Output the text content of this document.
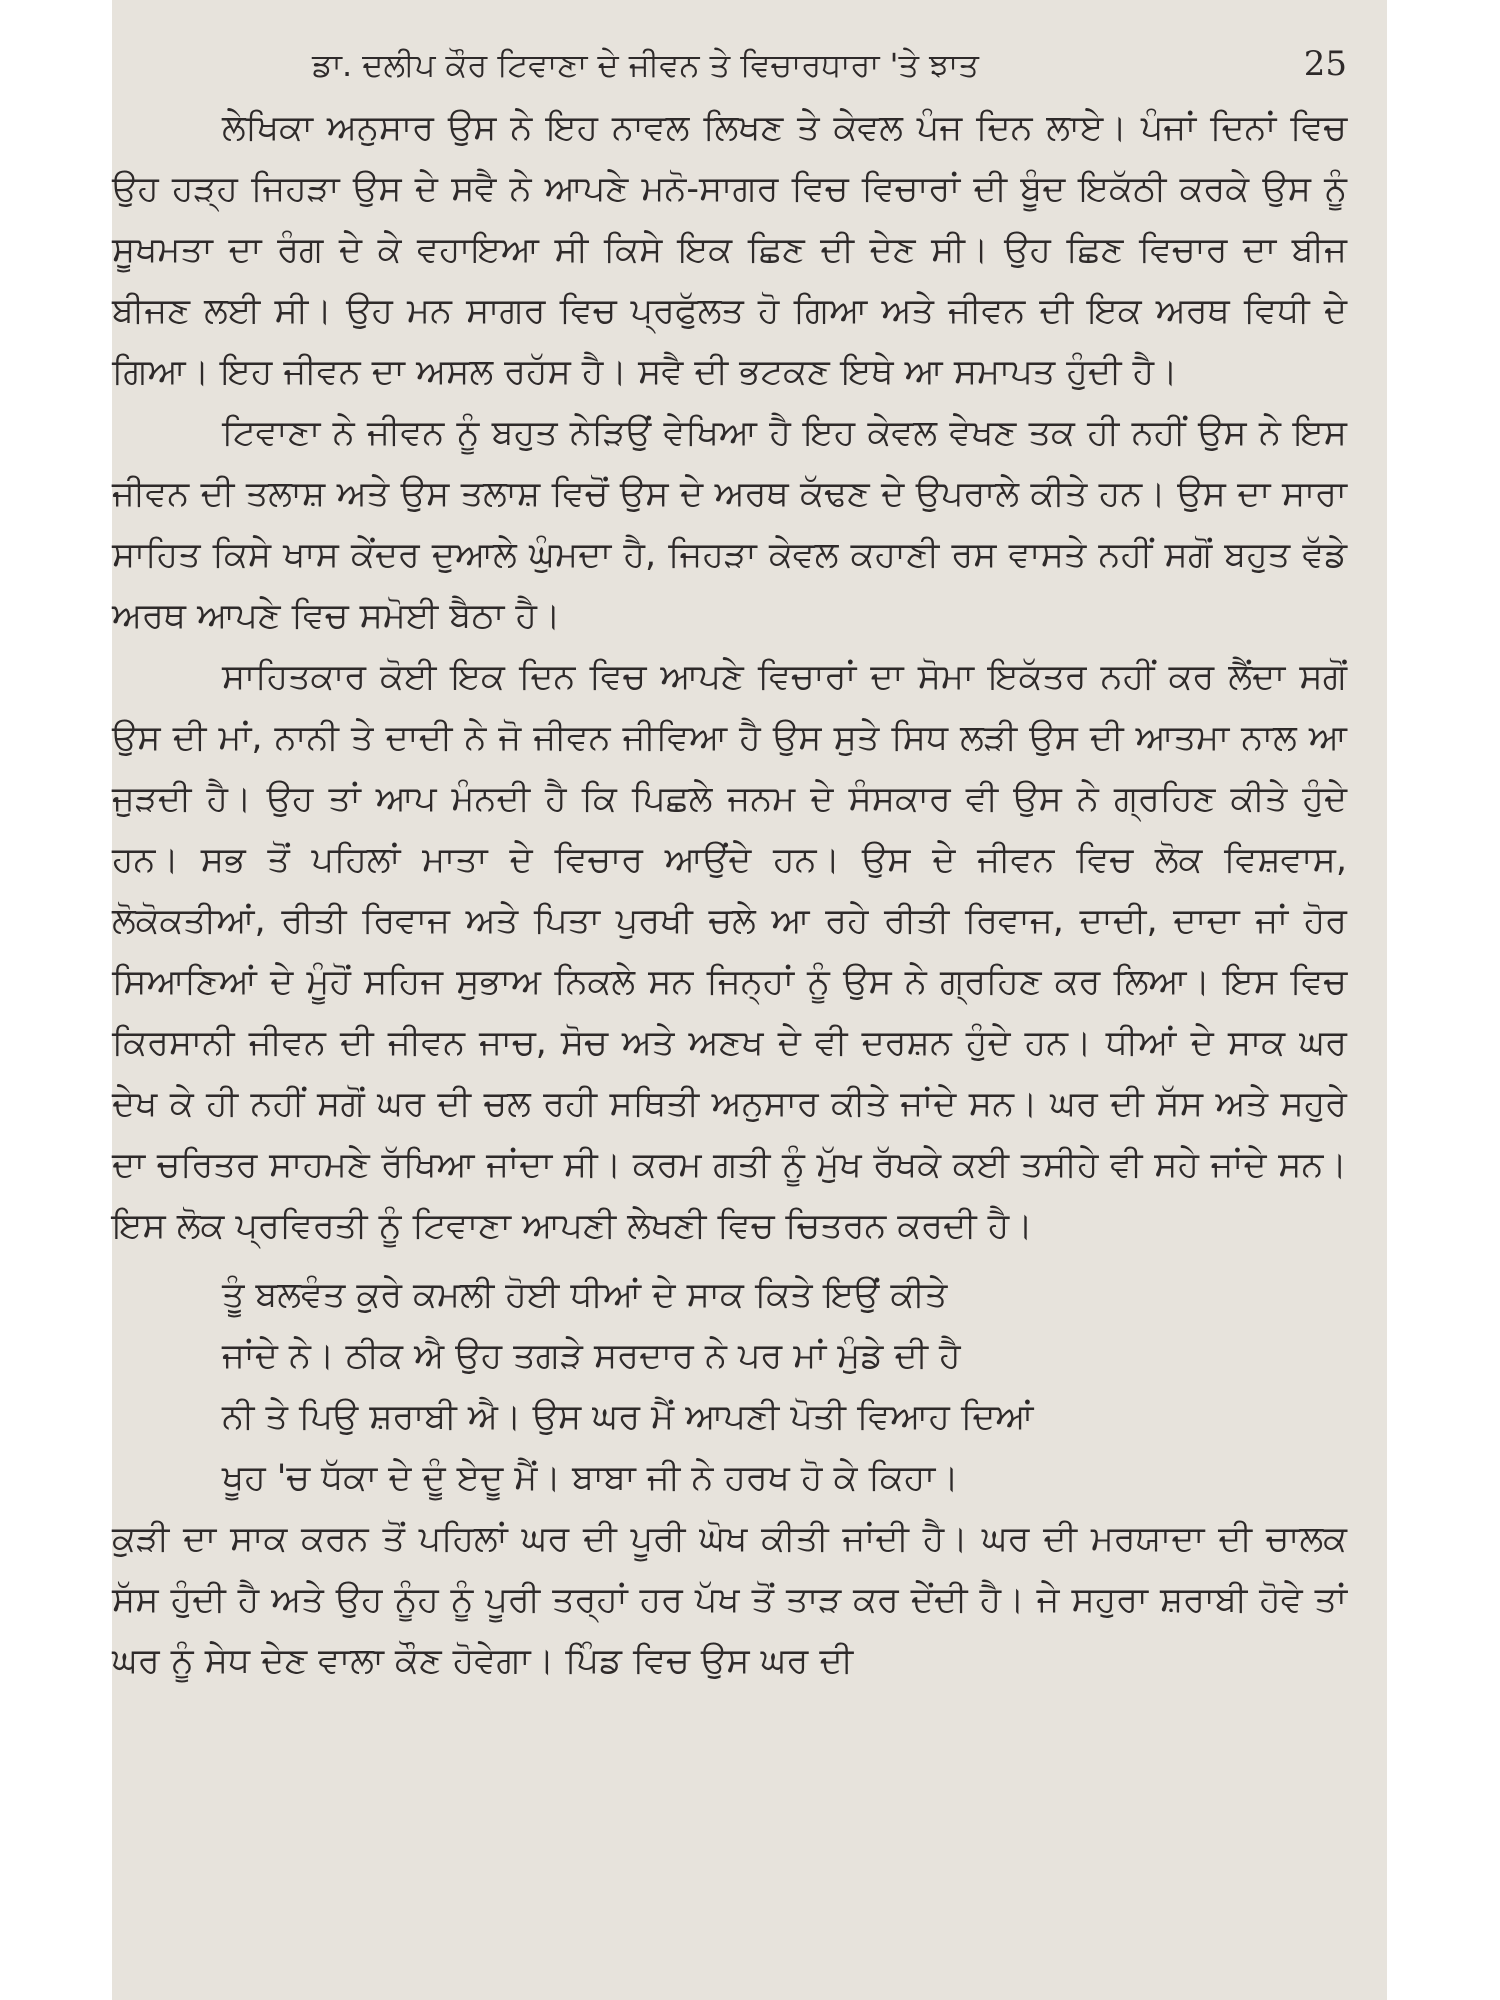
ਡਾ. ਦਲੀਪ ਕੌਰ ਟਿਵਾਣਾ ਦੇ ਜੀਵਨ ਤੇ ਵਿਚਾਰਧਾਰਾ 'ਤੇ ਝਾਤ	25

ਲੇਖਿਕਾ ਅਨੁਸਾਰ ਉਸ ਨੇ ਇਹ ਨਾਵਲ ਲਿਖਣ ਤੇ ਕੇਵਲ ਪੰਜ ਦਿਨ ਲਾਏ। ਪੰਜਾਂ ਦਿਨਾਂ ਵਿਚ ਉਹ ਹੜ੍ਹ ਜਿਹੜਾ ਉਸ ਦੇ ਸਵੈ ਨੇ ਆਪਣੇ ਮਨੋ-ਸਾਗਰ ਵਿਚ ਵਿਚਾਰਾਂ ਦੀ ਬੂੰਦ ਇਕੱਠੀ ਕਰਕੇ ਉਸ ਨੂੰ ਸੂਖਮਤਾ ਦਾ ਰੰਗ ਦੇ ਕੇ ਵਹਾਇਆ ਸੀ ਕਿਸੇ ਇਕ ਛਿਣ ਦੀ ਦੇਣ ਸੀ। ਉਹ ਛਿਣ ਵਿਚਾਰ ਦਾ ਬੀਜ ਬੀਜਣ ਲਈ ਸੀ। ਉਹ ਮਨ ਸਾਗਰ ਵਿਚ ਪ੍ਰਫੁੱਲਤ ਹੋ ਗਿਆ ਅਤੇ ਜੀਵਨ ਦੀ ਇਕ ਅਰਥ ਵਿਧੀ ਦੇ ਗਿਆ। ਇਹ ਜੀਵਨ ਦਾ ਅਸਲ ਰਹੱਸ ਹੈ। ਸਵੈ ਦੀ ਭਟਕਣ ਇਥੇ ਆ ਸਮਾਪਤ ਹੁੰਦੀ ਹੈ।

ਟਿਵਾਣਾ ਨੇ ਜੀਵਨ ਨੂੰ ਬਹੁਤ ਨੇੜਿਉਂ ਵੇਖਿਆ ਹੈ ਇਹ ਕੇਵਲ ਵੇਖਣ ਤਕ ਹੀ ਨਹੀਂ ਉਸ ਨੇ ਇਸ ਜੀਵਨ ਦੀ ਤਲਾਸ਼ ਅਤੇ ਉਸ ਤਲਾਸ਼ ਵਿਚੋਂ ਉਸ ਦੇ ਅਰਥ ਕੱਢਣ ਦੇ ਉਪਰਾਲੇ ਕੀਤੇ ਹਨ। ਉਸ ਦਾ ਸਾਰਾ ਸਾਹਿਤ ਕਿਸੇ ਖਾਸ ਕੇਂਦਰ ਦੁਆਲੇ ਘੁੰਮਦਾ ਹੈ, ਜਿਹੜਾ ਕੇਵਲ ਕਹਾਣੀ ਰਸ ਵਾਸਤੇ ਨਹੀਂ ਸਗੋਂ ਬਹੁਤ ਵੱਡੇ ਅਰਥ ਆਪਣੇ ਵਿਚ ਸਮੋਈ ਬੈਠਾ ਹੈ।

ਸਾਹਿਤਕਾਰ ਕੋਈ ਇਕ ਦਿਨ ਵਿਚ ਆਪਣੇ ਵਿਚਾਰਾਂ ਦਾ ਸੋਮਾ ਇਕੱਤਰ ਨਹੀਂ ਕਰ ਲੈਂਦਾ ਸਗੋਂ ਉਸ ਦੀ ਮਾਂ, ਨਾਨੀ ਤੇ ਦਾਦੀ ਨੇ ਜੋ ਜੀਵਨ ਜੀਵਿਆ ਹੈ ਉਸ ਸੁਤੇ ਸਿਧ ਲੜੀ ਉਸ ਦੀ ਆਤਮਾ ਨਾਲ ਆ ਜੁੜਦੀ ਹੈ। ਉਹ ਤਾਂ ਆਪ ਮੰਨਦੀ ਹੈ ਕਿ ਪਿਛਲੇ ਜਨਮ ਦੇ ਸੰਸਕਾਰ ਵੀ ਉਸ ਨੇ ਗ੍ਰਹਿਣ ਕੀਤੇ ਹੁੰਦੇ ਹਨ। ਸਭ ਤੋਂ ਪਹਿਲਾਂ ਮਾਤਾ ਦੇ ਵਿਚਾਰ ਆਉਂਦੇ ਹਨ। ਉਸ ਦੇ ਜੀਵਨ ਵਿਚ ਲੋਕ ਵਿਸ਼ਵਾਸ, ਲੋਕੋਕਤੀਆਂ, ਰੀਤੀ ਰਿਵਾਜ ਅਤੇ ਪਿਤਾ ਪੁਰਖੀ ਚਲੇ ਆ ਰਹੇ ਰੀਤੀ ਰਿਵਾਜ, ਦਾਦੀ, ਦਾਦਾ ਜਾਂ ਹੋਰ ਸਿਆਣਿਆਂ ਦੇ ਮੂੰਹੋਂ ਸਹਿਜ ਸੁਭਾਅ ਨਿਕਲੇ ਸਨ ਜਿਨ੍ਹਾਂ ਨੂੰ ਉਸ ਨੇ ਗ੍ਰਹਿਣ ਕਰ ਲਿਆ। ਇਸ ਵਿਚ ਕਿਰਸਾਨੀ ਜੀਵਨ ਦੀ ਜੀਵਨ ਜਾਚ, ਸੋਚ ਅਤੇ ਅਣਖ ਦੇ ਵੀ ਦਰਸ਼ਨ ਹੁੰਦੇ ਹਨ। ਧੀਆਂ ਦੇ ਸਾਕ ਘਰ ਦੇਖ ਕੇ ਹੀ ਨਹੀਂ ਸਗੋਂ ਘਰ ਦੀ ਚਲ ਰਹੀ ਸਥਿਤੀ ਅਨੁਸਾਰ ਕੀਤੇ ਜਾਂਦੇ ਸਨ। ਘਰ ਦੀ ਸੱਸ ਅਤੇ ਸਹੁਰੇ ਦਾ ਚਰਿਤਰ ਸਾਹਮਣੇ ਰੱਖਿਆ ਜਾਂਦਾ ਸੀ। ਕਰਮ ਗਤੀ ਨੂੰ ਮੁੱਖ ਰੱਖਕੇ ਕਈ ਤਸੀਹੇ ਵੀ ਸਹੇ ਜਾਂਦੇ ਸਨ। ਇਸ ਲੋਕ ਪ੍ਰਵਿਰਤੀ ਨੂੰ ਟਿਵਾਣਾ ਆਪਣੀ ਲੇਖਣੀ ਵਿਚ ਚਿਤਰਨ ਕਰਦੀ ਹੈ।

ਤੂੰ ਬਲਵੰਤ ਕੁਰੇ ਕਮਲੀ ਹੋਈ ਧੀਆਂ ਦੇ ਸਾਕ ਕਿਤੇ ਇਉਂ ਕੀਤੇ
ਜਾਂਦੇ ਨੇ। ਠੀਕ ਐ ਉਹ ਤਗੜੇ ਸਰਦਾਰ ਨੇ ਪਰ ਮਾਂ ਮੁੰਡੇ ਦੀ ਹੈ
ਨੀ ਤੇ ਪਿਉ ਸ਼ਰਾਬੀ ਐ। ਉਸ ਘਰ ਮੈਂ ਆਪਣੀ ਪੋਤੀ ਵਿਆਹ ਦਿਆਂ
ਖੂਹ 'ਚ ਧੱਕਾ ਦੇ ਦੂੰ ਏਦੂ ਮੈਂ। ਬਾਬਾ ਜੀ ਨੇ ਹਰਖ ਹੋ ਕੇ ਕਿਹਾ।

ਕੁੜੀ ਦਾ ਸਾਕ ਕਰਨ ਤੋਂ ਪਹਿਲਾਂ ਘਰ ਦੀ ਪੂਰੀ ਘੋਖ ਕੀਤੀ ਜਾਂਦੀ ਹੈ। ਘਰ ਦੀ ਮਰਯਾਦਾ ਦੀ ਚਾਲਕ ਸੱਸ ਹੁੰਦੀ ਹੈ ਅਤੇ ਉਹ ਨੂੰਹ ਨੂੰ ਪੂਰੀ ਤਰ੍ਹਾਂ ਹਰ ਪੱਖ ਤੋਂ ਤਾੜ ਕਰ ਦੇਂਦੀ ਹੈ। ਜੇ ਸਹੁਰਾ ਸ਼ਰਾਬੀ ਹੋਵੇ ਤਾਂ ਘਰ ਨੂੰ ਸੇਧ ਦੇਣ ਵਾਲਾ ਕੌਣ ਹੋਵੇਗਾ। ਪਿੰਡ ਵਿਚ ਉਸ ਘਰ ਦੀ
